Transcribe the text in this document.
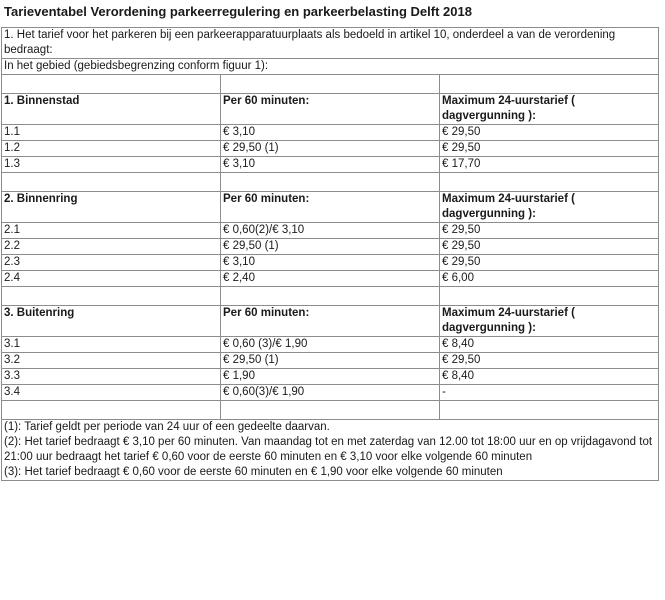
Tarieventabel Verordening parkeerregulering en parkeerbelasting Delft 2018
1. Het tarief voor het parkeren bij een parkeerapparatuurplaats als bedoeld in artikel 10, onderdeel a van de verordening bedraagt:		
In het gebied (gebiedsbegrenzing conform figuur 1):		

1. Binnenstad	Per 60 minuten:	Maximum 24-uurstarief ( dagvergunning ):
1.1	€ 3,10	€ 29,50
1.2	€ 29,50 (1)	€ 29,50
1.3	€ 3,10	€ 17,70

2. Binnenring	Per 60 minuten:	Maximum 24-uurstarief ( dagvergunning ):
2.1	€ 0,60(2)/€ 3,10	€ 29,50
2.2	€ 29,50 (1)	€ 29,50
2.3	€ 3,10	€ 29,50
2.4	€ 2,40	€ 6,00

3. Buitenring	Per 60 minuten:	Maximum 24-uurstarief ( dagvergunning ):
3.1	€ 0,60 (3)/€ 1,90	€ 8,40
3.2	€ 29,50 (1)	€ 29,50
3.3	€ 1,90	€ 8,40
3.4	€ 0,60(3)/€ 1,90	-

(1): Tarief geldt per periode van 24 uur of een gedeelte daarvan.
(2): Het tarief bedraagt € 3,10 per 60 minuten. Van maandag tot en met zaterdag van 12.00 tot 18:00 uur en op vrijdagavond tot 21:00 uur bedraagt het tarief € 0,60 voor de eerste 60 minuten en € 3,10 voor elke volgende 60 minuten
(3): Het tarief bedraagt € 0,60 voor de eerste 60 minuten en € 1,90 voor elke volgende 60 minuten		
